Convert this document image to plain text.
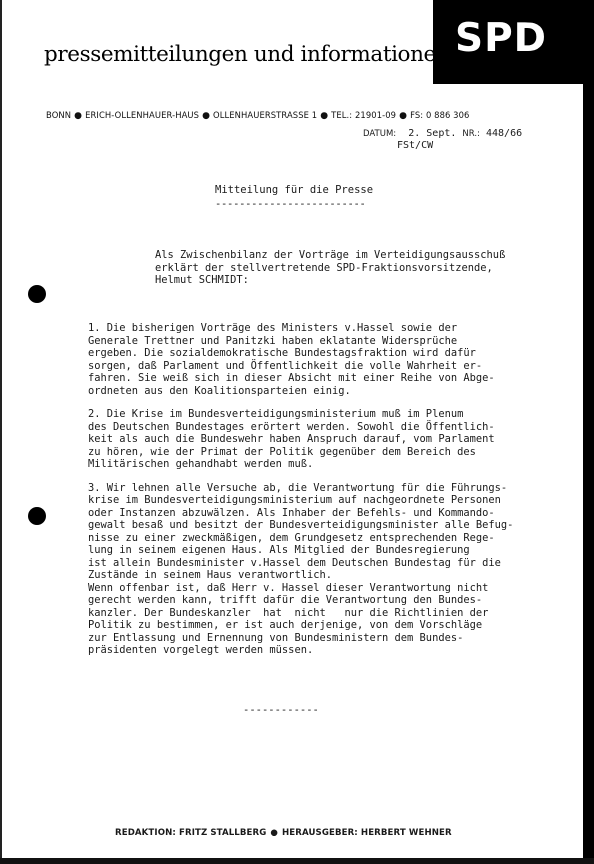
SPD
pressemitteilungen und informationen
BONN ● ERICH-OLLENHAUER-HAUS ● OLLENHAUERSTRASSE 1 ● TEL.: 21901-09 ● FS: 0 886 306
DATUM: 2. Sept. NR.: 448/66
FSt/CW
Mitteilung für die Presse
-------------------------
Als Zwischenbilanz der Vorträge im Verteidigungsausschuß
erklärt der stellvertretende SPD-Fraktionsvorsitzende,
Helmut SCHMIDT:
1. Die bisherigen Vorträge des Ministers v.Hassel sowie der
Generale Trettner und Panitzki haben eklatante Widersprüche
ergeben. Die sozialdemokratische Bundestagsfraktion wird dafür
sorgen, daß Parlament und Öffentlichkeit die volle Wahrheit er-
fahren. Sie weiß sich in dieser Absicht mit einer Reihe von Abge-
ordneten aus den Koalitionsparteien einig.
2. Die Krise im Bundesverteidigungsministerium muß im Plenum
des Deutschen Bundestages erörtert werden. Sowohl die Öffentlich-
keit als auch die Bundeswehr haben Anspruch darauf, vom Parlament
zu hören, wie der Primat der Politik gegenüber dem Bereich des
Militärischen gehandhabt werden muß.
3. Wir lehnen alle Versuche ab, die Verantwortung für die Führungs-
krise im Bundesverteidigungsministerium auf nachgeordnete Personen
oder Instanzen abzuwälzen. Als Inhaber der Befehls- und Kommando-
gewalt besaß und besitzt der Bundesverteidigungsminister alle Befug-
nisse zu einer zweckmäßigen, dem Grundgesetz entsprechenden Rege-
lung in seinem eigenen Haus. Als Mitglied der Bundesregierung
ist allein Bundesminister v.Hassel dem Deutschen Bundestag für die
Zustände in seinem Haus verantwortlich.
Wenn offenbar ist, daß Herr v. Hassel dieser Verantwortung nicht
gerecht werden kann, trifft dafür die Verantwortung den Bundes-
kanzler. Der Bundeskanzler  hat  nicht   nur die Richtlinien der
Politik zu bestimmen, er ist auch derjenige, von dem Vorschläge
zur Entlassung und Ernennung von Bundesministern dem Bundes-
präsidenten vorgelegt werden müssen.
------------
REDAKTION: FRITZ STALLBERG ● HERAUSGEBER: HERBERT WEHNER
